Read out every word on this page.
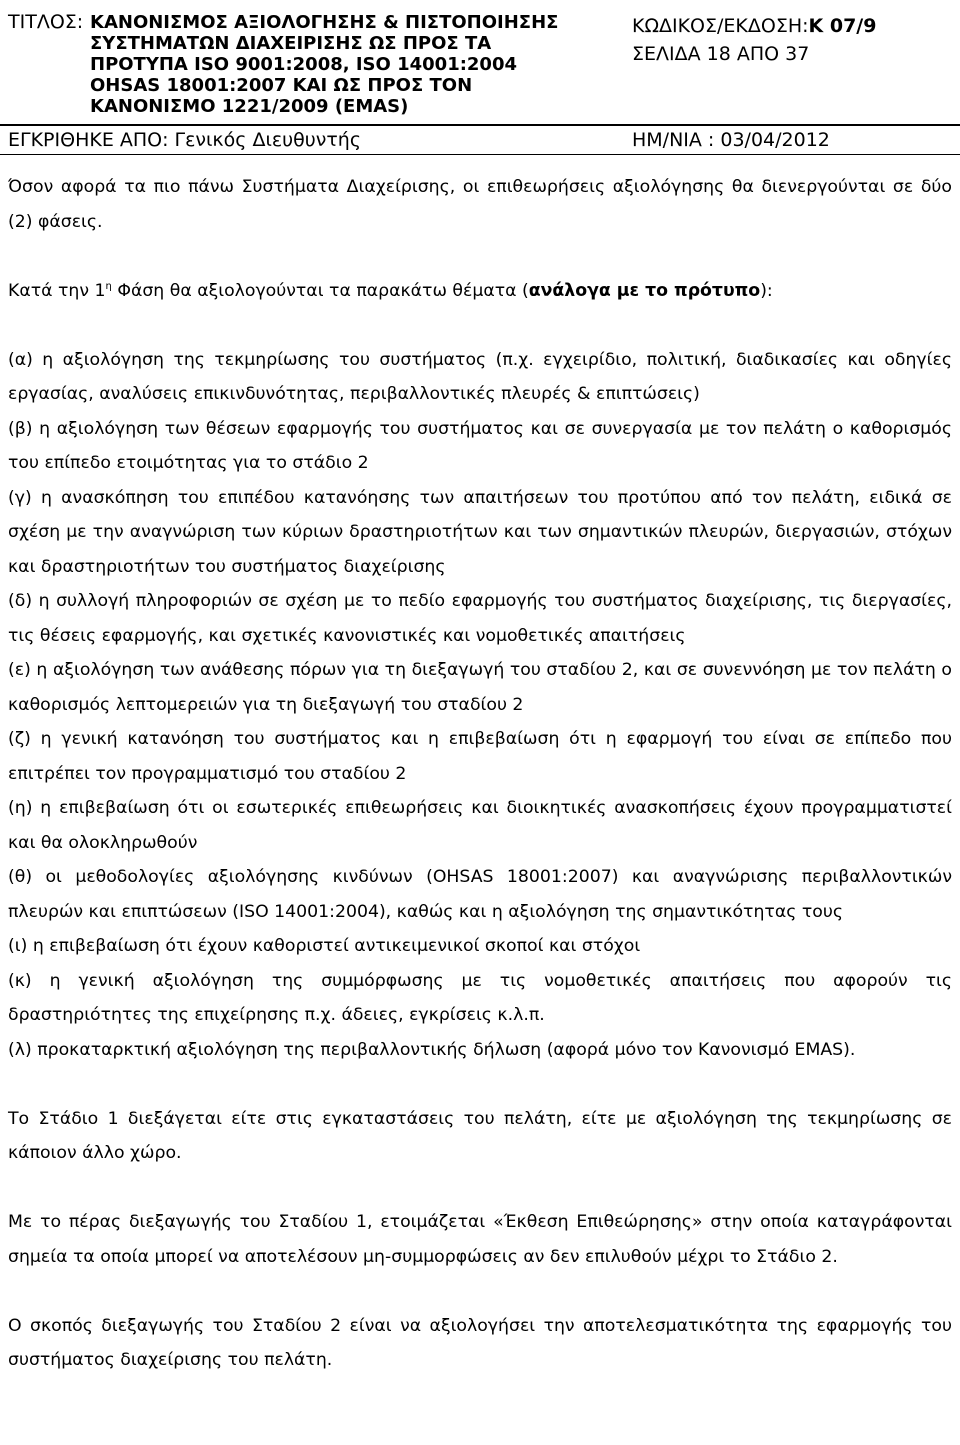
ΤΙΤΛΟΣ: ΚΑΝΟΝΙΣΜΟΣ ΑΞΙΟΛΟΓΗΣΗΣ & ΠΙΣΤΟΠΟΙΗΣΗΣ
ΣΥΣΤΗΜΑΤΩΝ ΔΙΑΧΕΙΡΙΣΗΣ ΩΣ ΠΡΟΣ ΤΑ
ΠΡΟΤΥΠΑ ISO 9001:2008, ISO 14001:2004
OHSAS 18001:2007 ΚΑΙ ΩΣ ΠΡΟΣ ΤΟΝ
ΚΑΝΟΝΙΣΜΟ 1221/2009 (EMAS)
ΚΩΔΙΚΟΣ/ΕΚΔΟΣΗ:Κ 07/9
ΣΕΛΙΔΑ 18 ΑΠΟ 37
ΕΓΚΡΙΘΗΚΕ ΑΠΟ: Γενικός Διευθυντής	ΗΜ/ΝΙΑ : 03/04/2012

Όσον αφορά τα πιο πάνω Συστήματα Διαχείρισης, οι επιθεωρήσεις αξιολόγησης θα διενεργούνται σε δύο (2) φάσεις.

Κατά την $1^\eta$ Φάση θα αξιολογούνται τα παρακάτω θέματα (ανάλογα με το πρότυπο):

(α) η αξιολόγηση της τεκμηρίωσης του συστήματος (π.χ. εγχειρίδιο, πολιτική, διαδικασίες και οδηγίες εργασίας, αναλύσεις επικινδυνότητας, περιβαλλοντικές πλευρές & επιπτώσεις)

(β) η αξιολόγηση των θέσεων εφαρμογής του συστήματος και σε συνεργασία με τον πελάτη ο καθορισμός του επίπεδο ετοιμότητας για το στάδιο 2

(γ) η ανασκόπηση του επιπέδου κατανόησης των απαιτήσεων του προτύπου από τον πελάτη, ειδικά σε σχέση με την αναγνώριση των κύριων δραστηριοτήτων και των σημαντικών πλευρών, διεργασιών, στόχων και δραστηριοτήτων του συστήματος διαχείρισης

(δ) η συλλογή πληροφοριών σε σχέση με το πεδίο εφαρμογής του συστήματος διαχείρισης, τις διεργασίες, τις θέσεις εφαρμογής, και σχετικές κανονιστικές και νομοθετικές απαιτήσεις

(ε) η αξιολόγηση των ανάθεσης πόρων για τη διεξαγωγή του σταδίου 2, και σε συνεννόηση με τον πελάτη ο καθορισμός λεπτομερειών για τη διεξαγωγή του σταδίου 2

(ζ) η γενική κατανόηση του συστήματος και η επιβεβαίωση ότι η εφαρμογή του είναι σε επίπεδο που επιτρέπει τον προγραμματισμό του σταδίου 2

(η) η επιβεβαίωση ότι οι εσωτερικές επιθεωρήσεις και διοικητικές ανασκοπήσεις έχουν προγραμματιστεί και θα ολοκληρωθούν

(θ) οι μεθοδολογίες αξιολόγησης κινδύνων (OHSAS 18001:2007) και αναγνώρισης περιβαλλοντικών πλευρών και επιπτώσεων (ISO 14001:2004), καθώς και η αξιολόγηση της σημαντικότητας τους

(ι) η επιβεβαίωση ότι έχουν καθοριστεί αντικειμενικοί σκοποί και στόχοι

(κ) η γενική αξιολόγηση της συμμόρφωσης με τις νομοθετικές απαιτήσεις που αφορούν τις δραστηριότητες της επιχείρησης π.χ. άδειες, εγκρίσεις κ.λ.π.

(λ) προκαταρκτική αξιολόγηση της περιβαλλοντικής δήλωση (αφορά μόνο τον Κανονισμό EMAS).

Το Στάδιο 1 διεξάγεται είτε στις εγκαταστάσεις του πελάτη, είτε με αξιολόγηση της τεκμηρίωσης σε κάποιον άλλο χώρο.

Με το πέρας διεξαγωγής του Σταδίου 1, ετοιμάζεται «Έκθεση Επιθεώρησης» στην οποία καταγράφονται σημεία τα οποία μπορεί να αποτελέσουν μη-συμμορφώσεις αν δεν επιλυθούν μέχρι το Στάδιο 2.

Ο σκοπός διεξαγωγής του Σταδίου 2 είναι να αξιολογήσει την αποτελεσματικότητα της εφαρμογής του συστήματος διαχείρισης του πελάτη.
